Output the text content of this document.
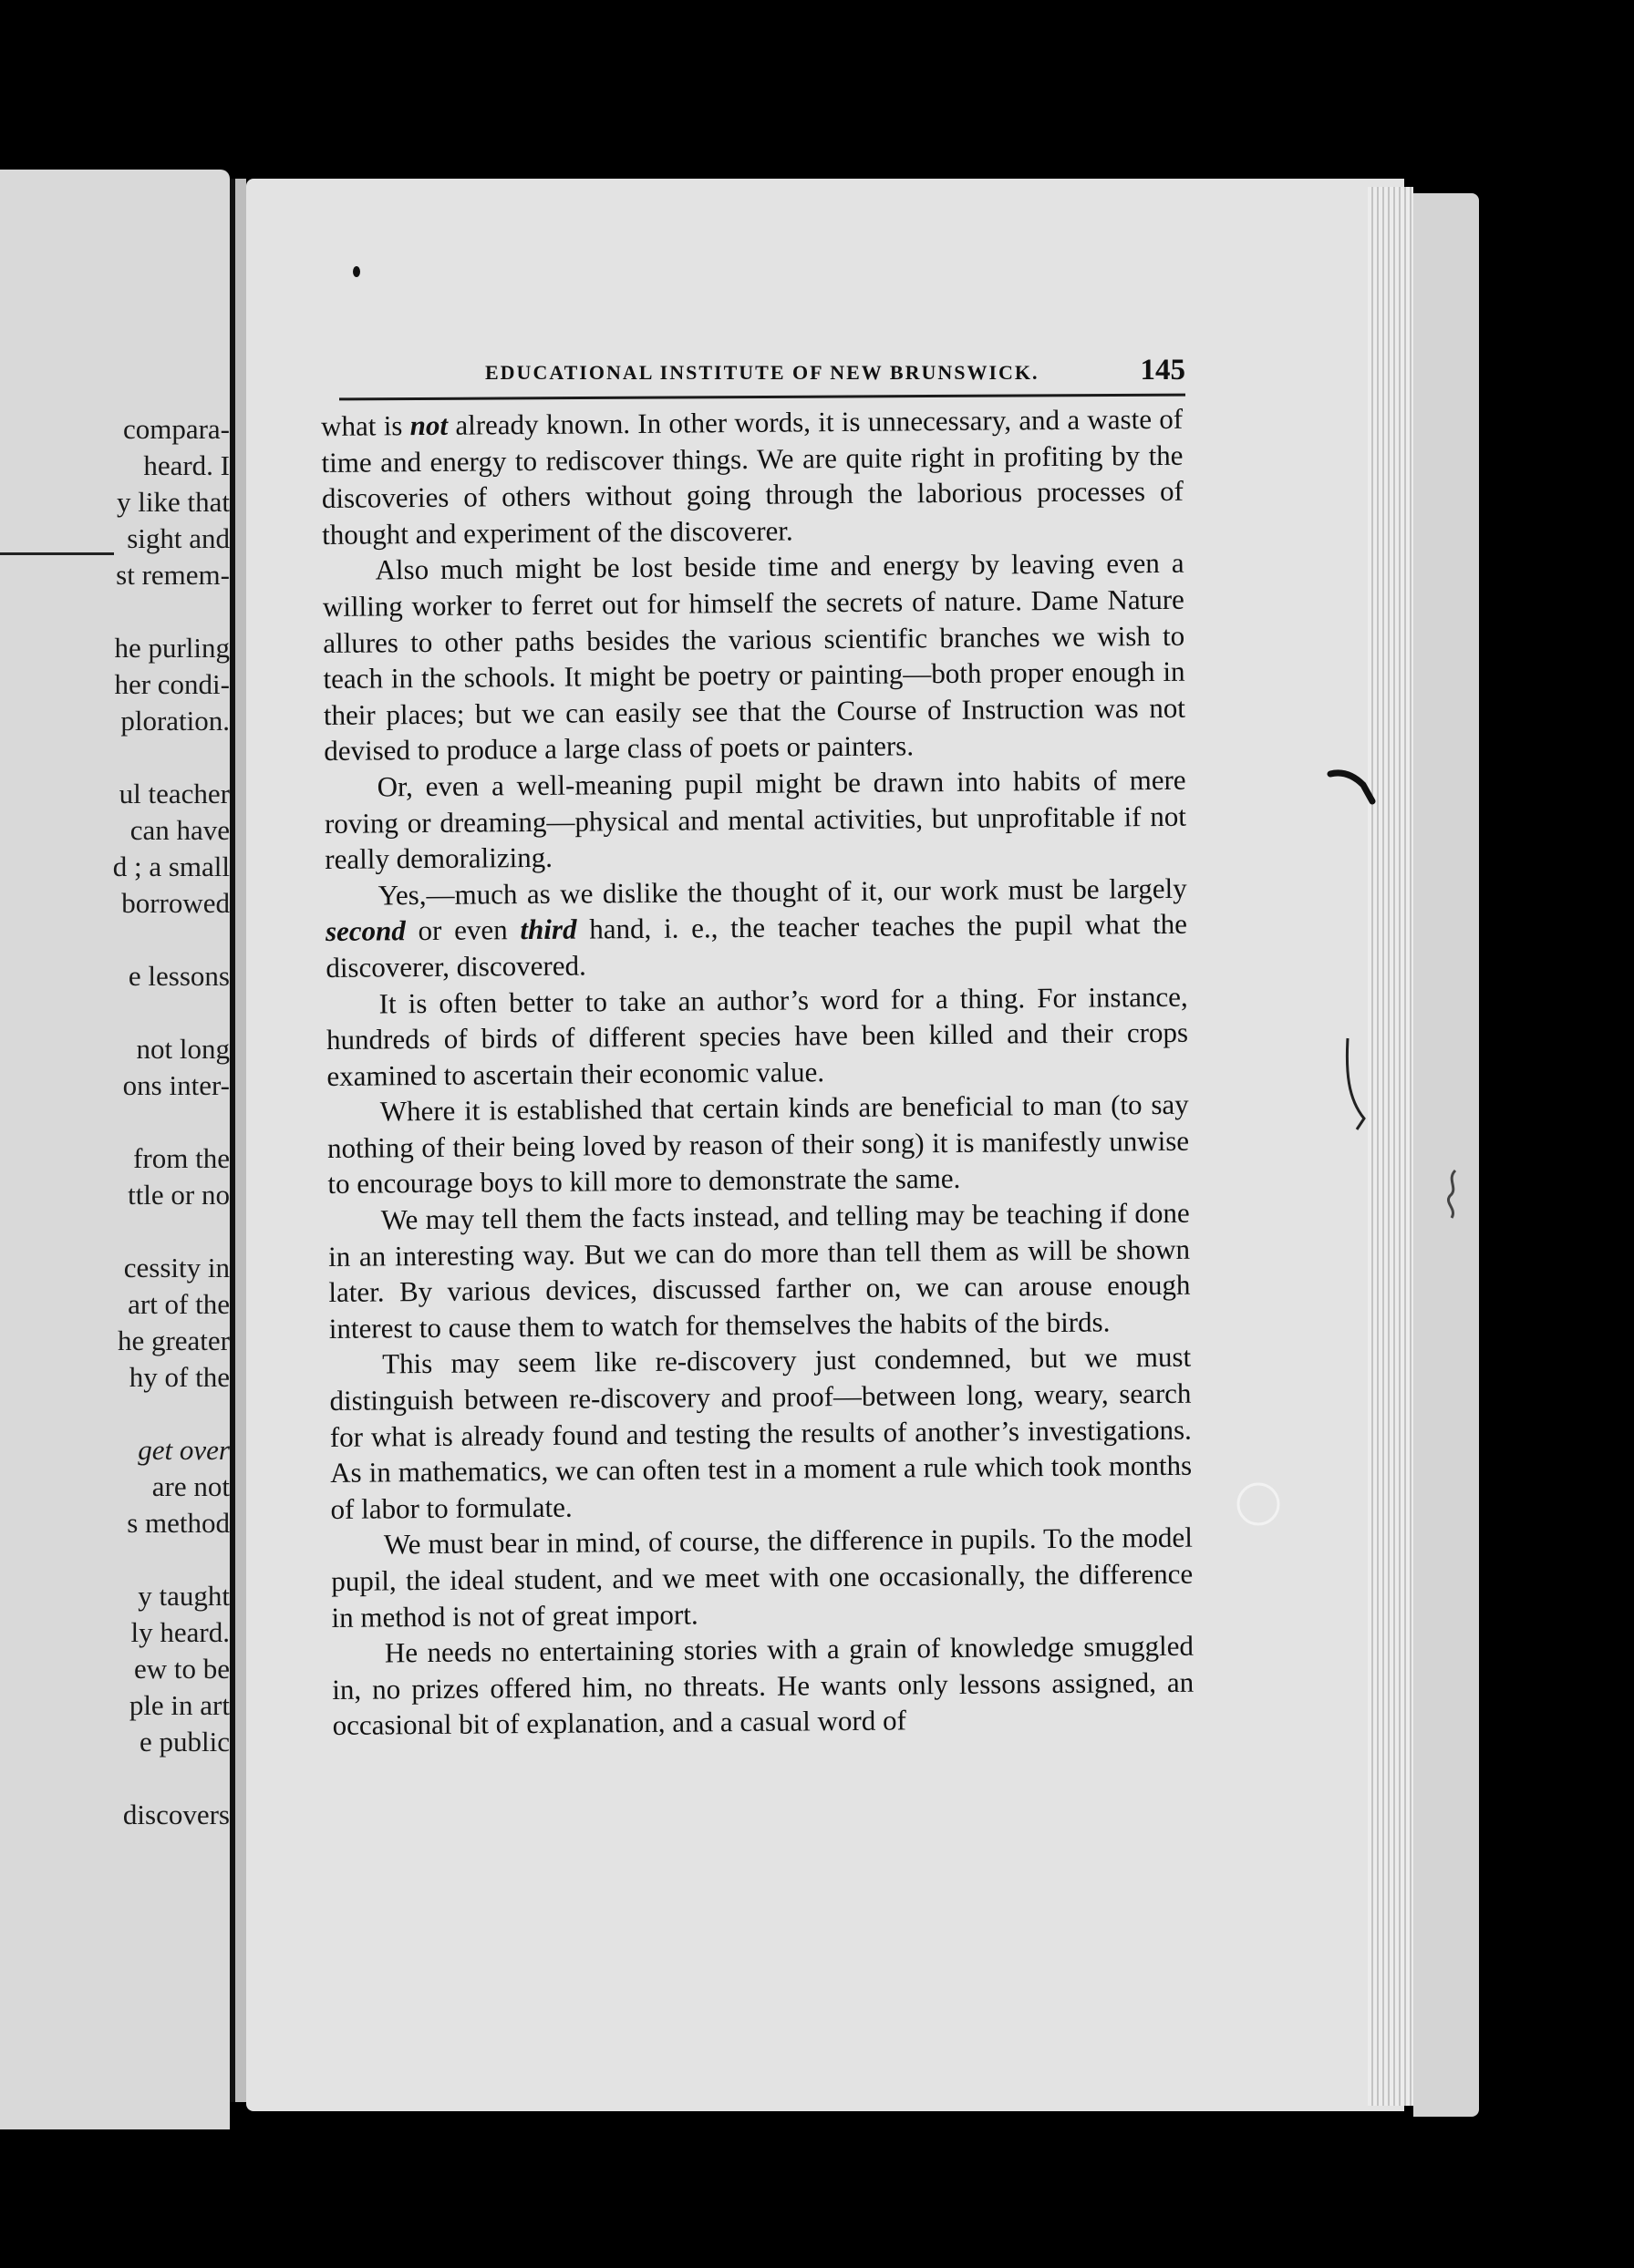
compara-
heard. I
y like that
sight and
st remem-
he purling
her condi-
ploration.
ul teacher
can have
d ; a small
borrowed
e lessons
not long
ons inter-
from the
ttle or no
cessity in
art of the
he greater
hy of the
get over
are not
s method
y taught
ly heard.
ew to be
ple in art
e public
discovers
EDUCATIONAL INSTITUTE OF NEW BRUNSWICK.	145

what is not already known. In other words, it is unnecessary, and a waste of time and energy to rediscover things. We are quite right in profiting by the discoveries of others without going through the laborious processes of thought and experiment of the discoverer.

Also much might be lost beside time and energy by leaving even a willing worker to ferret out for himself the secrets of nature. Dame Nature allures to other paths besides the various scientific branches we wish to teach in the schools. It might be poetry or painting—both proper enough in their places; but we can easily see that the Course of Instruction was not devised to produce a large class of poets or painters.

Or, even a well-meaning pupil might be drawn into habits of mere roving or dreaming—physical and mental activities, but unprofitable if not really demoralizing.

Yes,—much as we dislike the thought of it, our work must be largely second or even third hand, i. e., the teacher teaches the pupil what the discoverer, discovered.

It is often better to take an author’s word for a thing. For instance, hundreds of birds of different species have been killed and their crops examined to ascertain their economic value.

Where it is established that certain kinds are beneficial to man (to say nothing of their being loved by reason of their song) it is manifestly unwise to encourage boys to kill more to demonstrate the same.

We may tell them the facts instead, and telling may be teaching if done in an interesting way. But we can do more than tell them as will be shown later. By various devices, discussed farther on, we can arouse enough interest to cause them to watch for themselves the habits of the birds.

This may seem like re-discovery just condemned, but we must distinguish between re-discovery and proof—between long, weary, search for what is already found and testing the results of another’s investigations. As in mathematics, we can often test in a moment a rule which took months of labor to formulate.

We must bear in mind, of course, the difference in pupils. To the model pupil, the ideal student, and we meet with one occasionally, the difference in method is not of great import.

He needs no entertaining stories with a grain of knowledge smuggled in, no prizes offered him, no threats. He wants only lessons assigned, an occasional bit of explanation, and a casual word of
